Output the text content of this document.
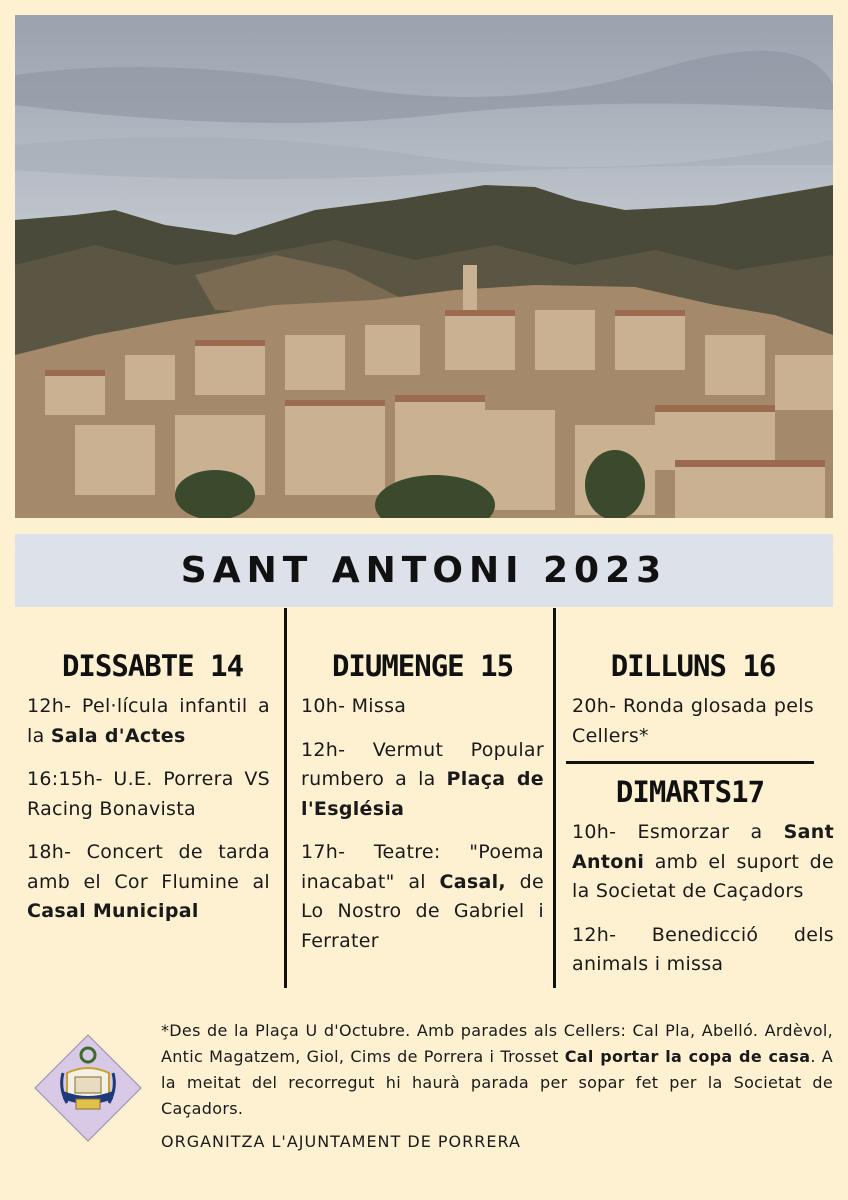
SANT ANTONI 2023
DISSABTE 14

12h- Pel·lícula infantil a la Sala d'Actes

16:15h- U.E. Porrera VS Racing Bonavista

18h- Concert de tarda amb el Cor Flumine al Casal Municipal

DIUMENGE 15

10h- Missa

12h- Vermut Popular rumbero a la Plaça de l'Església

17h- Teatre: "Poema inacabat" al Casal, de Lo Nostro de Gabriel i Ferrater

DILLUNS 16

20h- Ronda glosada pels Cellers*

DIMARTS17

10h- Esmorzar a Sant Antoni amb el suport de la Societat de Caçadors

12h- Benedicció dels animals i missa

*Des de la Plaça U d'Octubre. Amb parades als Cellers: Cal Pla, Abelló. Ardèvol, Antic Magatzem, Giol, Cims de Porrera i Trosset Cal portar la copa de casa. A la meitat del recorregut hi haurà parada per sopar fet per la Societat de Caçadors.

ORGANITZA L'AJUNTAMENT DE PORRERA
